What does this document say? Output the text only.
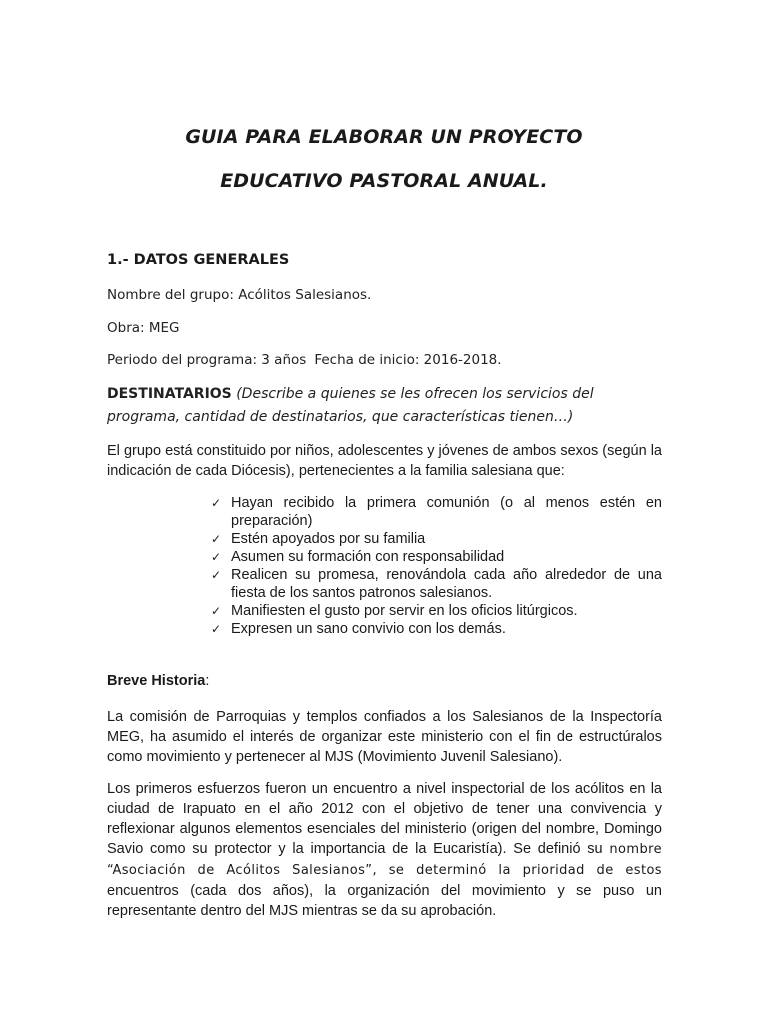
GUIA PARA ELABORAR UN PROYECTO
EDUCATIVO PASTORAL ANUAL.
1.- DATOS GENERALES
Nombre del grupo: Acólitos Salesianos.
Obra: MEG
Periodo del programa: 3 años Fecha de inicio: 2016-2018.
DESTINATARIOS (Describe a quienes se les ofrecen los servicios del programa, cantidad de destinatarios, que características tienen…)
El grupo está constituido por niños, adolescentes y jóvenes de ambos sexos (según la indicación de cada Diócesis), pertenecientes a la familia salesiana que:
✓ Hayan recibido la primera comunión (o al menos estén en preparación)
✓ Estén apoyados por su familia
✓ Asumen su formación con responsabilidad
✓ Realicen su promesa, renovándola cada año alrededor de una fiesta de los santos patronos salesianos.
✓ Manifiesten el gusto por servir en los oficios litúrgicos.
✓ Expresen un sano convivio con los demás.
Breve Historia:
La comisión de Parroquias y templos confiados a los Salesianos de la Inspectoría MEG, ha asumido el interés de organizar este ministerio con el fin de estructúralos como movimiento y pertenecer al MJS (Movimiento Juvenil Salesiano).
Los primeros esfuerzos fueron un encuentro a nivel inspectorial de los acólitos en la ciudad de Irapuato en el año 2012 con el objetivo de tener una convivencia y reflexionar algunos elementos esenciales del ministerio (origen del nombre, Domingo Savio como su protector y la importancia de la Eucaristía). Se definió su nombre “Asociación de Acólitos Salesianos”, se determinó la prioridad de estos encuentros (cada dos años), la organización del movimiento y se puso un representante dentro del MJS mientras se da su aprobación.
